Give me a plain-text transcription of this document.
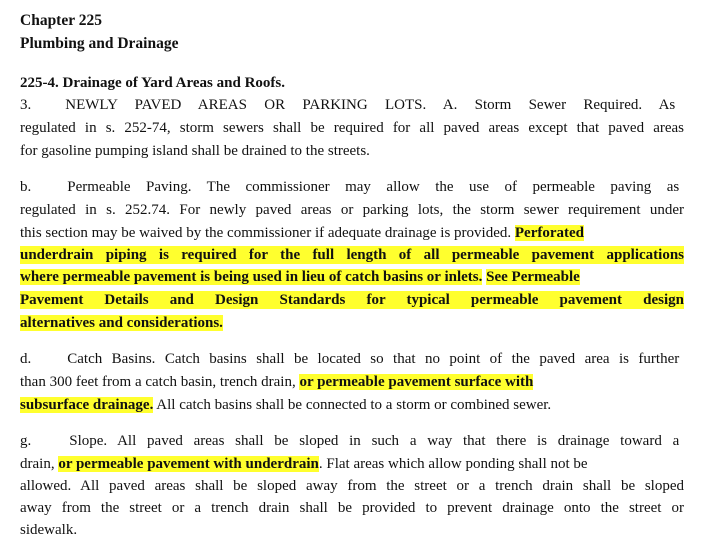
Chapter 225
Plumbing and Drainage
225-4. Drainage of Yard Areas and Roofs.
3. NEWLY PAVED AREAS OR PARKING LOTS. A. Storm Sewer Required. As
regulated in s. 252-74, storm sewers shall be required for all paved areas except that paved areas
for gasoline pumping island shall be drained to the streets.
b. Permeable Paving. The commissioner may allow the use of permeable paving as
regulated in s. 252.74. For newly paved areas or parking lots, the storm sewer requirement under
this section may be waived by the commissioner if adequate drainage is provided. Perforated
underdrain piping is required for the full length of all permeable pavement applications
where permeable pavement is being used in lieu of catch basins or inlets. See Permeable
Pavement Details and Design Standards for typical permeable pavement design
alternatives and considerations.
d. Catch Basins. Catch basins shall be located so that no point of the paved area is further
than 300 feet from a catch basin, trench drain, or permeable pavement surface with
subsurface drainage. All catch basins shall be connected to a storm or combined sewer.
g.	Slope. All paved areas shall be sloped in such a way that there is drainage toward a
drain, or permeable pavement with underdrain. Flat areas which allow ponding shall not be
allowed. All paved areas shall be sloped away from the street or a trench drain shall be sloped
away from the street or a trench drain shall be provided to prevent drainage onto the street or
sidewalk.
